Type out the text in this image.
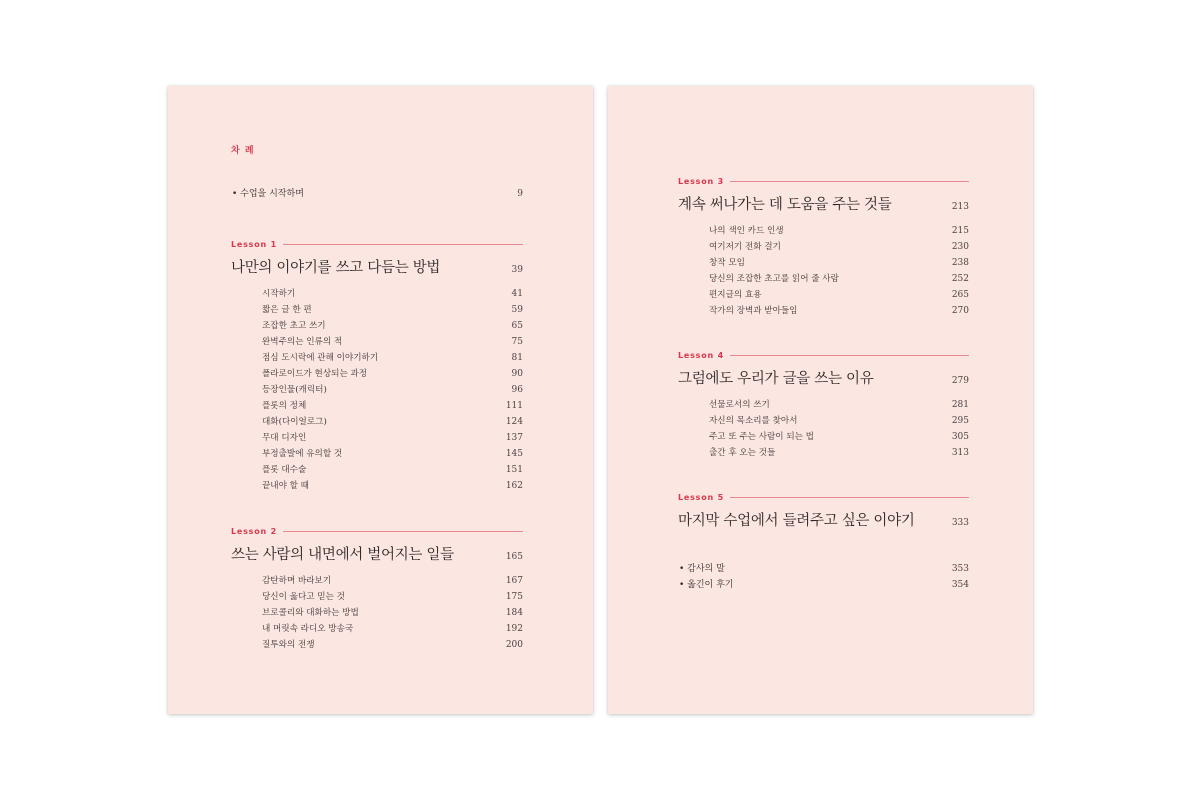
차 례
• 수업을 시작하며	9
Lesson 1
나만의 이야기를 쓰고 다듬는 방법	39
시작하기	41
짧은 글 한 편	59
조잡한 초고 쓰기	65
완벽주의는 인류의 적	75
점심 도시락에 관해 이야기하기	81
폴라로이드가 현상되는 과정	90
등장인물(캐릭터)	96
플롯의 정체	111
대화(다이얼로그)	124
무대 디자인	137
부정출발에 유의할 것	145
플롯 대수술	151
끝내야 할 때	162
Lesson 2
쓰는 사람의 내면에서 벌어지는 일들	165
감탄하며 바라보기	167
당신이 옳다고 믿는 것	175
브로콜리와 대화하는 방법	184
내 머릿속 라디오 방송국	192
질투와의 전쟁	200
Lesson 3
계속 써나가는 데 도움을 주는 것들	213
나의 색인 카드 인생	215
여기저기 전화 걸기	230
창작 모임	238
당신의 조잡한 초고를 읽어 줄 사람	252
편지글의 효용	265
작가의 장벽과 받아들임	270
Lesson 4
그럼에도 우리가 글을 쓰는 이유	279
선물로서의 쓰기	281
자신의 목소리를 찾아서	295
주고 또 주는 사람이 되는 법	305
출간 후 오는 것들	313
Lesson 5
마지막 수업에서 들려주고 싶은 이야기	333
• 감사의 말	353
• 옮긴이 후기	354
